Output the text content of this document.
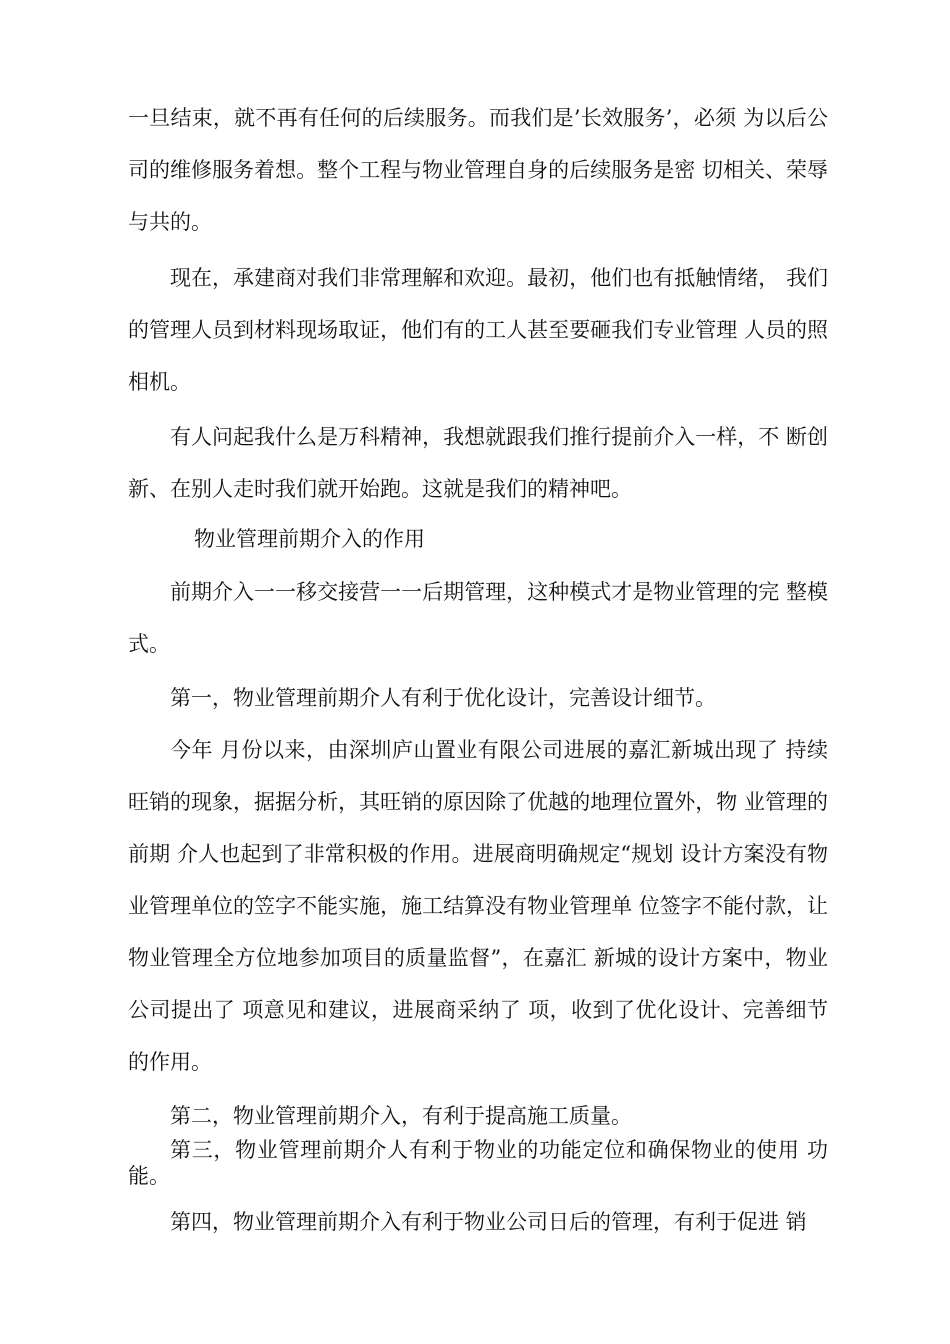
一旦结束，就不再有任何的后续服务。而我们是’长效服务’，必须 为以后公司的维修服务着想。整个工程与物业管理自身的后续服务是密 切相关、荣辱与共的。

现在，承建商对我们非常理解和欢迎。最初，他们也有抵触情绪， 我们的管理人员到材料现场取证，他们有的工人甚至要砸我们专业管理 人员的照相机。

有人问起我什么是万科精神，我想就跟我们推行提前介入一样，不 断创新、在别人走时我们就开始跑。这就是我们的精神吧。

物业管理前期介入的作用

前期介入一一移交接营一一后期管理，这种模式才是物业管理的完 整模式。

第一，物业管理前期介人有利于优化设计，完善设计细节。

今年 月份以来，由深圳庐山置业有限公司进展的嘉汇新城出现了 持续旺销的现象，据据分析，其旺销的原因除了优越的地理位置外，物 业管理的前期 介人也起到了非常积极的作用。进展商明确规定“规划 设计方案没有物业管理单位的笠字不能实施，施工结算没有物业管理单 位签字不能付款，让物业管理全方位地参加项目的质量监督”，在嘉汇 新城的设计方案中，物业公司提出了 项意见和建议，进展商采纳了 项，收到了优化设计、完善细节的作用。

第二，物业管理前期介入，有利于提高施工质量。

第三，物业管理前期介人有利于物业的功能定位和确保物业的使用 功能。

第四，物业管理前期介入有利于物业公司日后的管理，有利于促进 销
